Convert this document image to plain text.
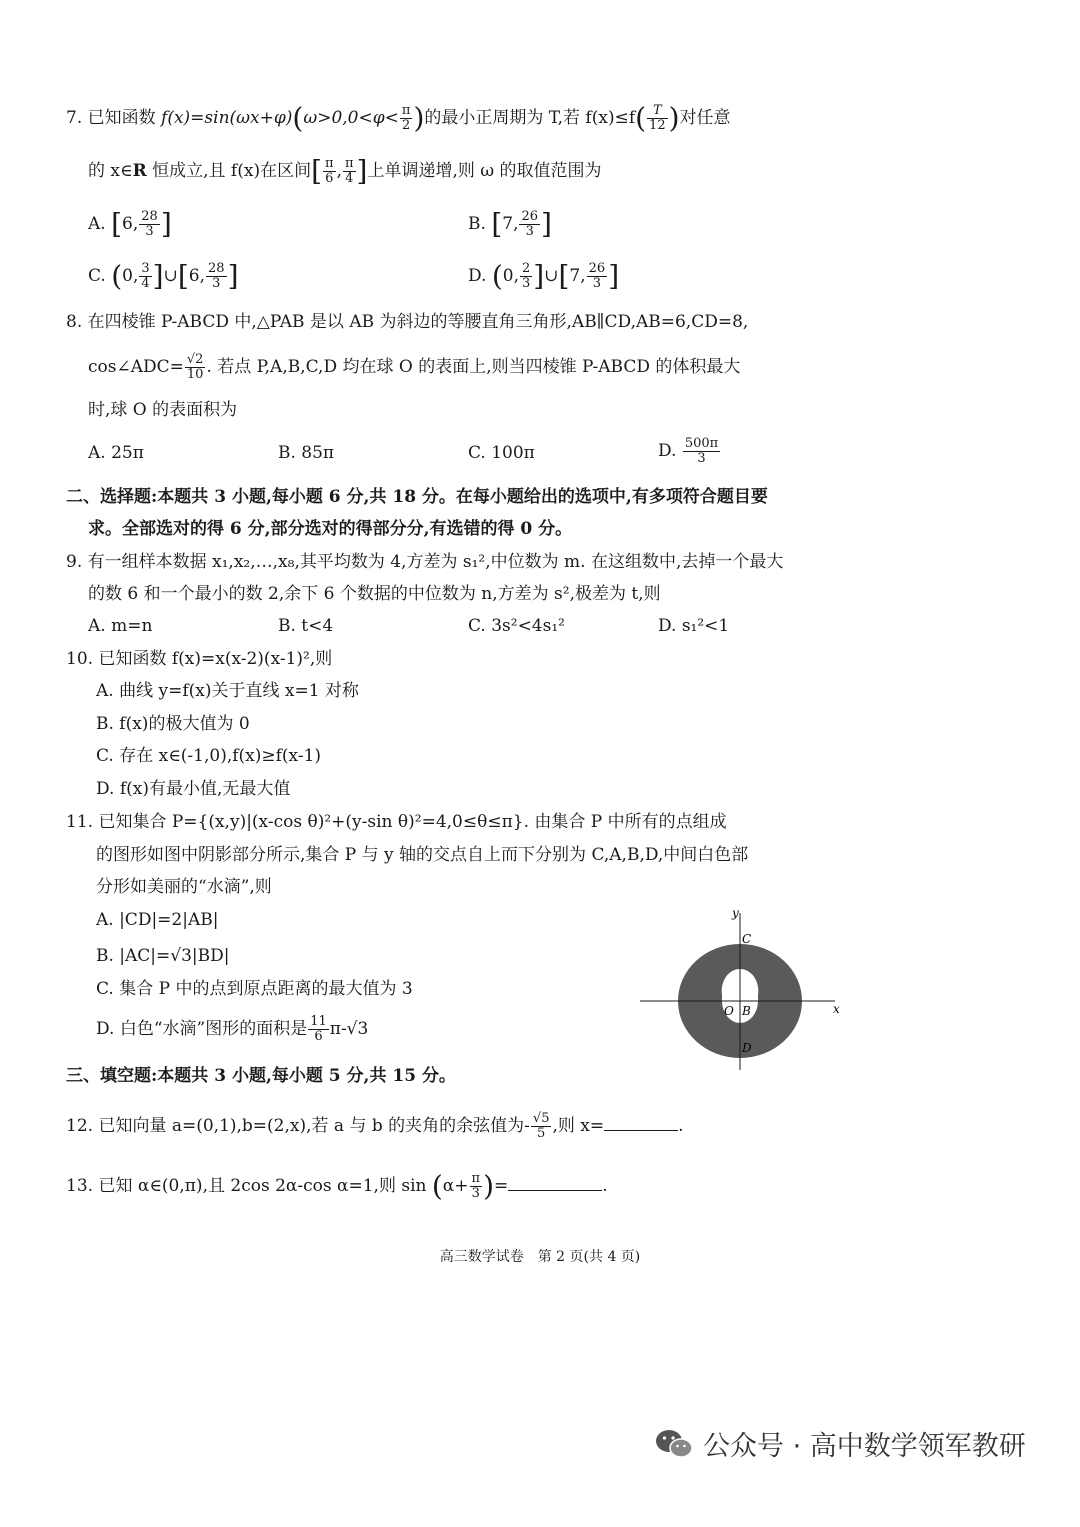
7. 已知函数 $f(x)=\sin(\omega x+\varphi)(\omega>0,0<\varphi< \frac{\pi}{2}$ )的最小正周期为 T,若 $f(x)\le f( \frac{T}{12}$ )对任意
的 x∈R 恒成立,且 f(x)在区间[ $\frac{\pi}{6}$ , $\frac{\pi}{4}$ ]上单调递增,则 ω 的取值范围为
A. [6, $\frac{28}{3}$ ]	B. [7, $\frac{26}{3}$ ]
C. (0, $\frac{3}{4}$ ]∪[6, $\frac{28}{3}$ ]	D. (0, $\frac{2}{3}$ ]∪[7, $\frac{26}{3}$ ]
8. 在四棱锥 P-ABCD 中,△PAB 是以 AB 为斜边的等腰直角三角形,AB∥CD,AB=6,CD=8,
cos∠ADC= $\frac{√2}{10}$ . 若点 P,A,B,C,D 均在球 O 的表面上,则当四棱锥 P-ABCD 的体积最大
时,球 O 的表面积为
A. 25π	B. 85π	C. 100π	D. $\frac{500\pi}{3}$
二、选择题:本题共 3 小题,每小题 6 分,共 18 分。在每小题给出的选项中,有多项符合题目要
求。全部选对的得 6 分,部分选对的得部分分,有选错的得 0 分。
9. 有一组样本数据 x₁,x₂,…,x₈,其平均数为 4,方差为 s₁²,中位数为 m. 在这组数中,去掉一个最大
的数 6 和一个最小的数 2,余下 6 个数据的中位数为 n,方差为 s²,极差为 t,则
A. m=n	B. t<4	C. 3s²<4s₁²	D. s₁²<1
10. 已知函数 f(x)=x(x-2)(x-1)²,则
A. 曲线 y=f(x)关于直线 x=1 对称
B. f(x)的极大值为 0
C. 存在 x∈(-1,0),f(x)≥f(x-1)
D. f(x)有最小值,无最大值
11. 已知集合 P={(x,y)|(x-cos θ)²+(y-sin θ)²=4,0≤θ≤π}. 由集合 P 中所有的点组成
的图形如图中阴影部分所示,集合 P 与 y 轴的交点自上而下分别为 C,A,B,D,中间白色部
分形如美丽的“水滴”,则
A. |CD|=2|AB|
B. |AC|=√3|BD|
C. 集合 P 中的点到原点距离的最大值为 3
D. 白色“水滴”图形的面积是 $\frac{11}{6} \pi-√3$
y
x
C
A
O B
D
三、填空题:本题共 3 小题,每小题 5 分,共 15 分。
12. 已知向量 a=(0,1),b=(2,x),若 a 与 b 的夹角的余弦值为- $\frac{√5}{5}$ ,则 x=	.
13. 已知 α∈(0,π),且 2cos 2α-cos α=1,则 $\sin (\alpha+ \frac{\pi}{3}$ )=	.
高三数学试卷　第 2 页(共 4 页)
公众号 · 高中数学领军教研
